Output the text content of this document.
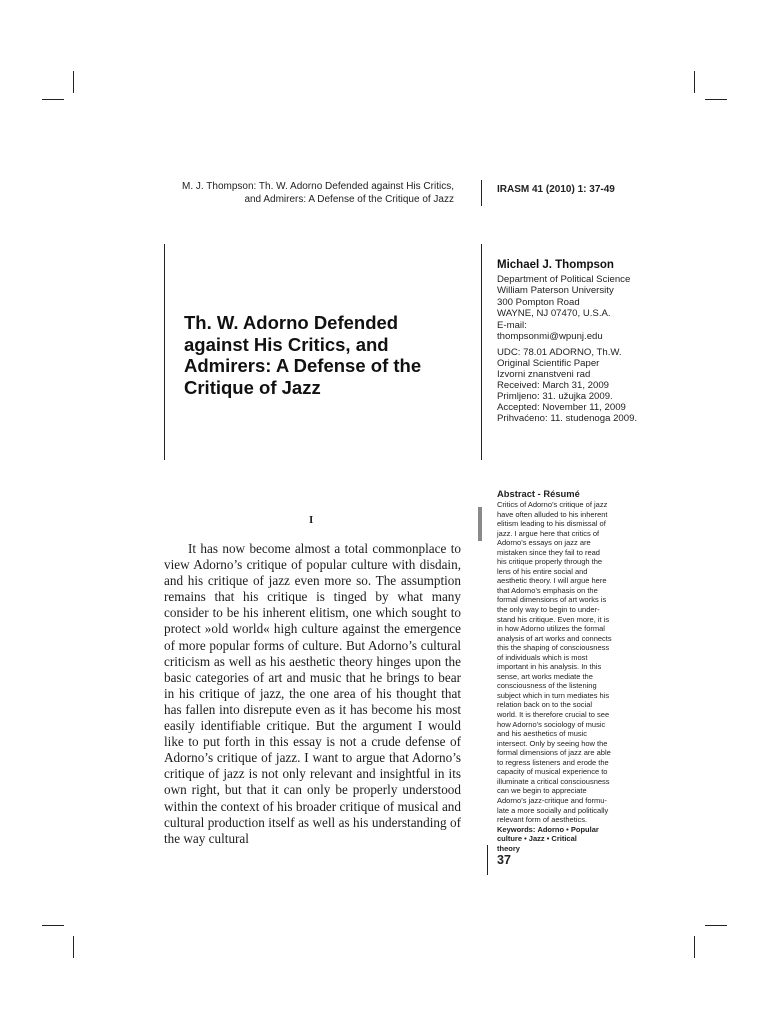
M. J. Thompson: Th. W. Adorno Defended against His Critics,
and Admirers: A Defense of the Critique of Jazz
IRASM 41 (2010) 1: 37-49
Th. W. Adorno Defended against His Critics, and Admirers: A Defense of the Critique of Jazz
Michael J. Thompson
Department of Political Science
William Paterson University
300 Pompton Road
WAYNE, NJ 07470, U.S.A.
E-mail:
thompsonmi@wpunj.edu
UDC: 78.01 ADORNO, Th.W.
Original Scientific Paper
Izvorni znanstveni rad
Received: March 31, 2009
Primljeno: 31. užujka 2009.
Accepted: November 11, 2009
Prihvaćeno: 11. studenoga 2009.
I

It has now become almost a total commonplace to view Adorno’s critique of popular culture with disdain, and his critique of jazz even more so. The assumption remains that his critique is tinged by what many consider to be his inherent elitism, one which sought to protect »old world« high culture against the emergence of more popular forms of culture. But Adorno’s cultural criticism as well as his aesthetic theory hinges upon the basic categories of art and music that he brings to bear in his critique of jazz, the one area of his thought that has fallen into disrepute even as it has become his most easily identifiable critique. But the argument I would like to put forth in this essay is not a crude defense of Adorno’s critique of jazz. I want to argue that Adorno’s critique of jazz is not only relevant and insightful in its own right, but that it can only be properly understood within the context of his broader critique of musical and cultural production itself as well as his understanding of the way cultural

Abstract - Résumé
Critics of Adorno’s critique of jazz
have often alluded to his inherent
elitism leading to his dismissal of
jazz. I argue here that critics of
Adorno’s essays on jazz are
mistaken since they fail to read
his critique properly through the
lens of his entire social and
aesthetic theory. I will argue here
that Adorno’s emphasis on the
formal dimensions of art works is
the only way to begin to under-
stand his critique. Even more, it is
in how Adorno utilizes the formal
analysis of art works and connects
this the shaping of consciousness
of individuals which is most
important in his analysis. In this
sense, art works mediate the
consciousness of the listening
subject which in turn mediates his
relation back on to the social
world. It is therefore crucial to see
how Adorno’s sociology of music
and his aesthetics of music
intersect. Only by seeing how the
formal dimensions of jazz are able
to regress listeners and erode the
capacity of musical experience to
illuminate a critical consciousness
can we begin to appreciate
Adorno’s jazz-critique and formu-
late a more socially and politically
relevant form of aesthetics.
Keywords: Adorno • Popular
culture • Jazz • Critical
theory
37
